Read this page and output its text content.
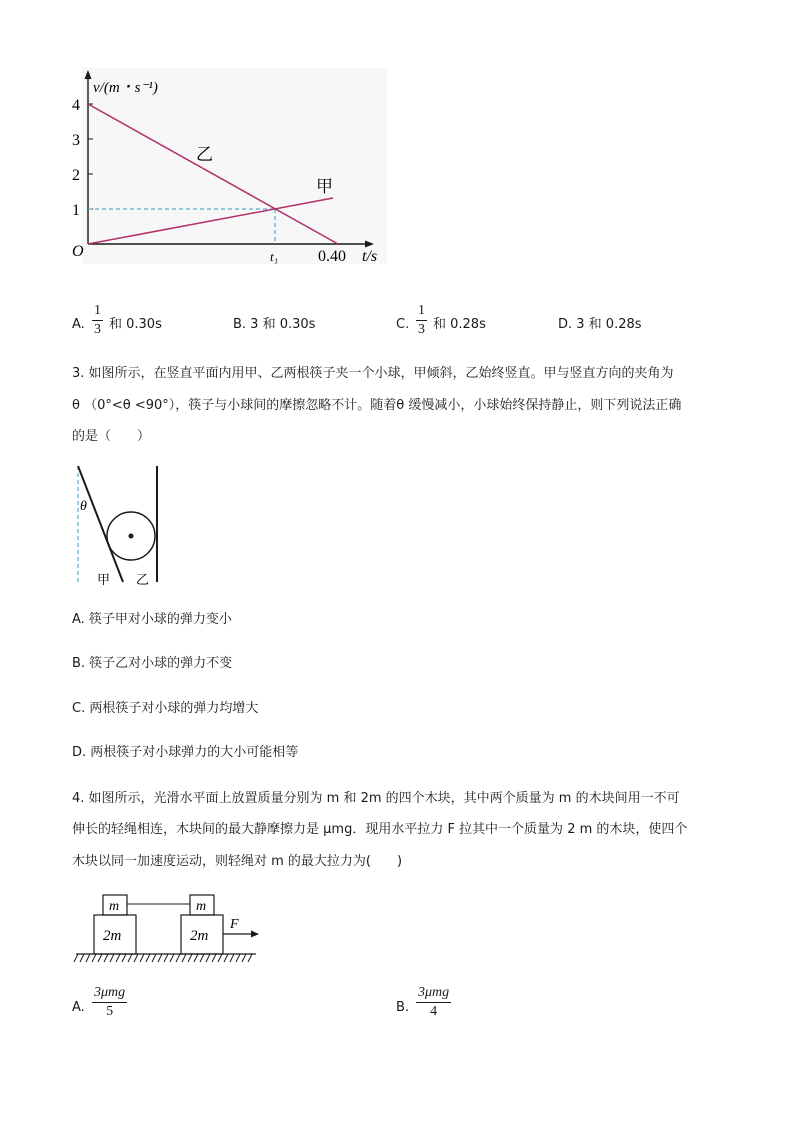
v/(m・s⁻¹)
4
3
2
1
O	t₁ 0.40 t/s
乙
甲
A.
1
3 和 0.30s	B. 3 和 0.30s	C.
1
3 和 0.28s	D. 3 和 0.28s
3. 如图所示，在竖直平面内用甲、乙两根筷子夹一个小球，甲倾斜，乙始终竖直。甲与竖直方向的夹角为
θ （0°<θ <90°），筷子与小球间的摩擦忽略不计。随着θ 缓慢减小，小球始终保持静止，则下列说法正确
的是（　　）
θ
甲 乙
A. 筷子甲对小球的弹力变小
B. 筷子乙对小球的弹力不变
C. 两根筷子对小球的弹力均增大
D. 两根筷子对小球弹力的大小可能相等
4. 如图所示，光滑水平面上放置质量分别为 m 和 2m 的四个木块，其中两个质量为 m 的木块间用一不可
伸长的轻绳相连，木块间的最大静摩擦力是 μmg．现用水平拉力 F 拉其中一个质量为 2 m 的木块，使四个
木块以同一加速度运动，则轻绳对 m 的最大拉力为(　　)
m	m
2m	2m
F
A.
3μmg
5	B.
3μmg
4
